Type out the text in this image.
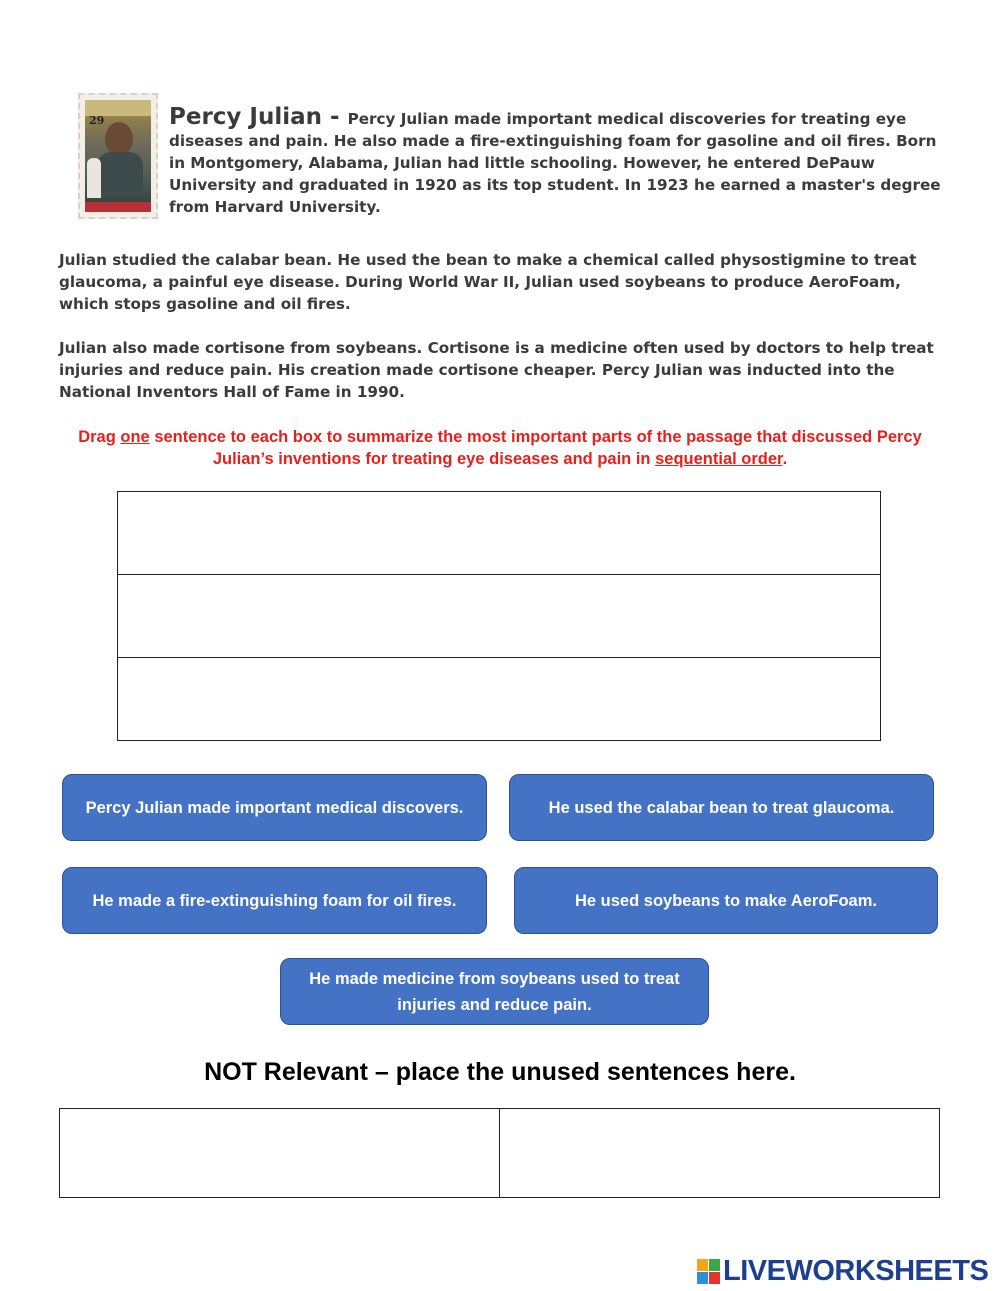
29	Percy Julian - Percy Julian made important medical discoveries for treating eye diseases and pain. He also made a fire-extinguishing foam for gasoline and oil fires. Born in Montgomery, Alabama, Julian had little schooling. However, he entered DePauw University and graduated in 1920 as its top student. In 1923 he earned a master's degree from Harvard University.
Julian studied the calabar bean. He used the bean to make a chemical called physostigmine to treat glaucoma, a painful eye disease. During World War II, Julian used soybeans to produce AeroFoam, which stops gasoline and oil fires.
Julian also made cortisone from soybeans. Cortisone is a medicine often used by doctors to help treat injuries and reduce pain. His creation made cortisone cheaper. Percy Julian was inducted into the National Inventors Hall of Fame in 1990.
Drag one sentence to each box to summarize the most important parts of the passage that discussed Percy Julian’s inventions for treating eye diseases and pain in sequential order.
Percy Julian made important medical discovers.	He used the calabar bean to treat glaucoma.
He made a fire-extinguishing foam for oil fires.	He used soybeans to make AeroFoam.
He made medicine from soybeans used to treat injuries and reduce pain.
NOT Relevant – place the unused sentences here.
LIVEWORKSHEETS
